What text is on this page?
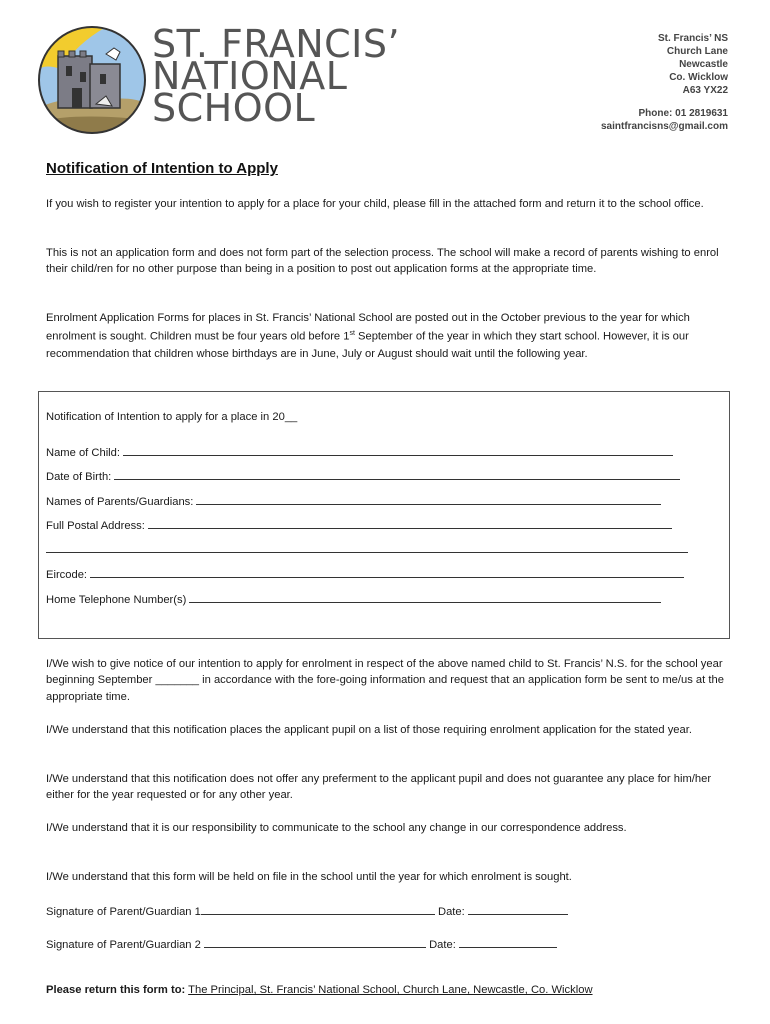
ST. FRANCIS’
NATIONAL
SCHOOL
St. Francis’ NS
Church Lane
Newcastle
Co. Wicklow
A63 YX22
Phone: 01 2819631
saintfrancisns@gmail.com
Notification of Intention to Apply
If you wish to register your intention to apply for a place for your child, please fill in the attached form and return it to the school office.
This is not an application form and does not form part of the selection process. The school will make a record of parents wishing to enrol their child/ren for no other purpose than being in a position to post out application forms at the appropriate time.
Enrolment Application Forms for places in St. Francis’ National School are posted out in the October previous to the year for which enrolment is sought. Children must be four years old before 1st September of the year in which they start school. However, it is our recommendation that children whose birthdays are in June, July or August should wait until the following year.
Notification of Intention to apply for a place in 20__
Name of Child:
Date of Birth:
Names of Parents/Guardians:
Full Postal Address:
Eircode:
Home Telephone Number(s)
I/We wish to give notice of our intention to apply for enrolment in respect of the above named child to St. Francis’ N.S. for the school year beginning September _______ in accordance with the fore-going information and request that an application form be sent to me/us at the appropriate time.
I/We understand that this notification places the applicant pupil on a list of those requiring enrolment application for the stated year.
I/We understand that this notification does not offer any preferment to the applicant pupil and does not guarantee any place for him/her either for the year requested or for any other year.
I/We understand that it is our responsibility to communicate to the school any change in our correspondence address.
I/We understand that this form will be held on file in the school until the year for which enrolment is sought.
Signature of Parent/Guardian 1	Date:
Signature of Parent/Guardian 2	Date:
Please return this form to: The Principal, St. Francis’ National School, Church Lane, Newcastle, Co. Wicklow
